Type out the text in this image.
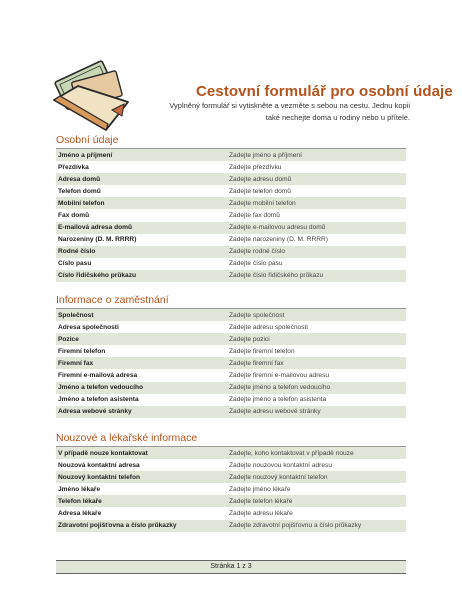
Cestovní formulář pro osobní údaje
Vyplněný formulář si vytiskněte a vezměte s sebou na cestu. Jednu kopii také nechejte doma u rodiny nebo u přítele.
Osobní údaje
Jméno a příjmení	Zadejte jméno a příjmení
Přezdívka	Zadejte přezdívku
Adresa domů	Zadejte adresu domů
Telefon domů	Zadejte telefon domů
Mobilní telefon	Zadejte mobilní telefon
Fax domů	Zadejte fax domů
E-mailová adresa domů	Zadejte e-mailovou adresu domů
Narozeniny (D. M. RRRR)	Zadejte narozeniny (D. M. RRRR)
Rodné číslo	Zadejte rodné číslo
Číslo pasu	Zadejte číslo pasu
Číslo řidičského průkazu	Zadejte číslo řidičského průkazu
Informace o zaměstnání
Společnost	Zadejte společnost
Adresa společnosti	Zadejte adresu společnosti
Pozice	Zadejte pozici
Firemní telefon	Zadejte firemní telefon
Firemní fax	Zadejte firemní fax
Firemní e-mailová adresa	Zadejte firemní e-mailovou adresu
Jméno a telefon vedoucího	Zadejte jméno a telefon vedoucího
Jméno a telefon asistenta	Zadejte jméno a telefon asistenta
Adresa webové stránky	Zadejte adresu webové stránky
Nouzové a lékařské informace
V případě nouze kontaktovat	Zadejte, koho kontaktovat v případě nouze
Nouzová kontaktní adresa	Zadejte nouzovou kontaktní adresu
Nouzový kontaktní telefon	Zadejte nouzový kontaktní telefon
Jméno lékaře	Zadejte jméno lékaře
Telefon lékaře	Zadejte telefon lékaře
Adresa lékaře	Zadejte adresu lékaře
Zdravotní pojišťovna a číslo průkazky	Zadejte zdravotní pojišťovnu a číslo průkazky
Stránka 1 z 3
